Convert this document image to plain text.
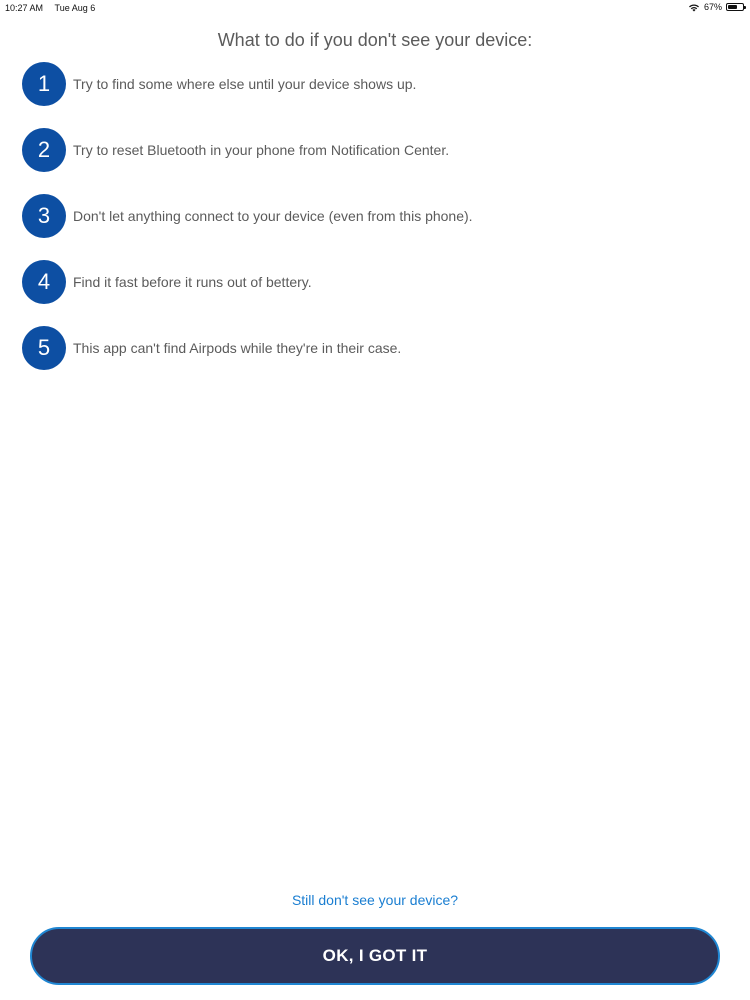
10:27 AM Tue Aug 6	67%
What to do if you don't see your device:
1	Try to find some where else until your device shows up.
2	Try to reset Bluetooth in your phone from Notification Center.
3	Don't let anything connect to your device (even from this phone).
4	Find it fast before it runs out of bettery.
5	This app can't find Airpods while they're in their case.
Still don't see your device?
OK, I GOT IT
